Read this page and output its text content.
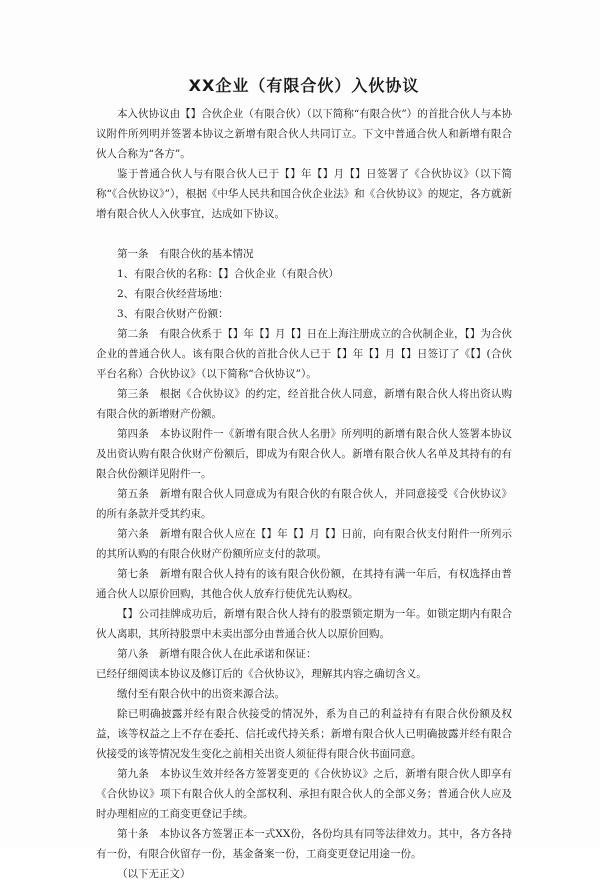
XX企业（有限合伙）入伙协议

本入伙协议由【】合伙企业（有限合伙）（以下简称“有限合伙”）的首批合伙人与本协议附件所列明并签署本协议之新增有限合伙人共同订立。下文中普通合伙人和新增有限合伙人合称为“各方”。

鉴于普通合伙人与有限合伙人已于【】年【】月【】日签署了《合伙协议》（以下简称“《合伙协议》”），根据《中华人民共和国合伙企业法》和《合伙协议》的规定，各方就新增有限合伙人入伙事宜，达成如下协议。

第一条　有限合伙的基本情况

1、有限合伙的名称：【】合伙企业（有限合伙）

2、有限合伙经营场地：

3、有限合伙财产份额：

第二条　有限合伙系于【】年【】月【】日在上海注册成立的合伙制企业，【】为合伙企业的普通合伙人。该有限合伙的首批合伙人已于【】年【】月【】日签订了《【】(合伙平台名称）合伙协议》（以下简称“合伙协议”）。

第三条　根据《合伙协议》的约定，经首批合伙人同意，新增有限合伙人将出资认购有限合伙的新增财产份额。

第四条　本协议附件一《新增有限合伙人名册》所列明的新增有限合伙人签署本协议及出资认购有限合伙财产份额后，即成为有限合伙人。新增有限合伙人名单及其持有的有限合伙份额详见附件一。

第五条　新增有限合伙人同意成为有限合伙的有限合伙人，并同意接受《合伙协议》的所有条款并受其约束。

第六条　新增有限合伙人应在【】年【】月【】日前，向有限合伙支付附件一所列示的其所认购的有限合伙财产份额所应支付的款项。

第七条　新增有限合伙人持有的该有限合伙份额，在其持有满一年后，有权选择由普通合伙人以原价回购，其他合伙人放弃行使优先认购权。

【】公司挂牌成功后，新增有限合伙人持有的股票锁定期为一年。如锁定期内有限合伙人离职，其所持股票中未卖出部分由普通合伙人以原价回购。

第八条　新增有限合伙人在此承诺和保证：

已经仔细阅读本协议及修订后的《合伙协议》，理解其内容之确切含义。

缴付至有限合伙中的出资来源合法。

除已明确披露并经有限合伙接受的情况外，系为自己的利益持有有限合伙份额及权益，该等权益之上不存在委托、信托或代持关系；新增有限合伙人已明确披露并经有限合伙接受的该等情况发生变化之前相关出资人须征得有限合伙书面同意。

第九条　本协议生效并经各方签署变更的《合伙协议》之后，新增有限合伙人即享有《合伙协议》项下有限合伙人的全部权利、承担有限合伙人的全部义务；普通合伙人应及时办理相应的工商变更登记手续。

第十条　本协议各方签署正本一式XX份，各份均具有同等法律效力。其中，各方各持有一份，有限合伙留存一份，基金备案一份，工商变更登记用途一份。

（以下无正文）
